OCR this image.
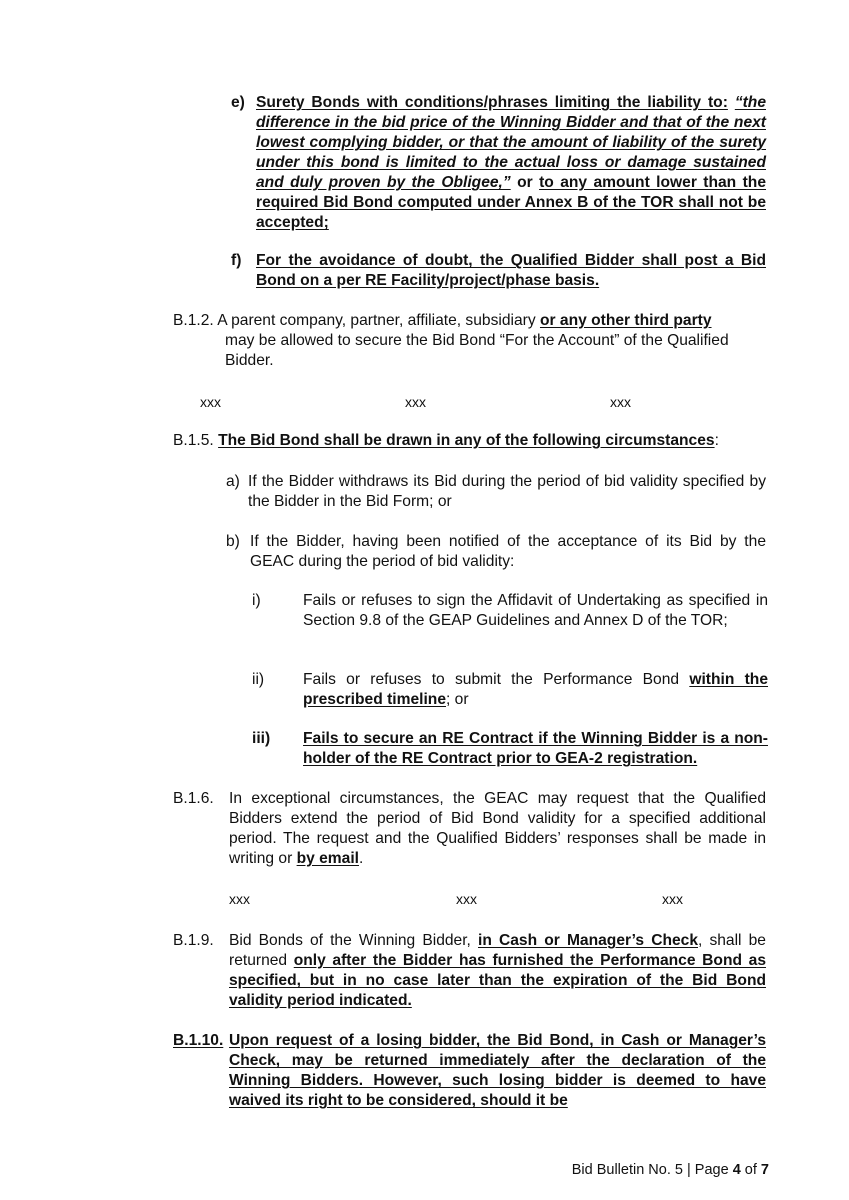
e) Surety Bonds with conditions/phrases limiting the liability to: “the difference in the bid price of the Winning Bidder and that of the next lowest complying bidder, or that the amount of liability of the surety under this bond is limited to the actual loss or damage sustained and duly proven by the Obligee,” or to any amount lower than the required Bid Bond computed under Annex B of the TOR shall not be accepted;
f) For the avoidance of doubt, the Qualified Bidder shall post a Bid Bond on a per RE Facility/project/phase basis.
B.1.2. A parent company, partner, affiliate, subsidiary or any other third party
may be allowed to secure the Bid Bond “For the Account” of the Qualified Bidder.
xxx	xxx	xxx
B.1.5. The Bid Bond shall be drawn in any of the following circumstances:
a) If the Bidder withdraws its Bid during the period of bid validity specified by the Bidder in the Bid Form; or
b) If the Bidder, having been notified of the acceptance of its Bid by the GEAC during the period of bid validity:
i)	Fails or refuses to sign the Affidavit of Undertaking as specified in Section 9.8 of the GEAP Guidelines and Annex D of the TOR;
ii) Fails or refuses to submit the Performance Bond within the prescribed timeline; or
iii) Fails to secure an RE Contract if the Winning Bidder is a non-holder of the RE Contract prior to GEA-2 registration.
B.1.6. In exceptional circumstances, the GEAC may request that the Qualified Bidders extend the period of Bid Bond validity for a specified additional period. The request and the Qualified Bidders’ responses shall be made in writing or by email.
xxx	xxx	xxx
B.1.9. Bid Bonds of the Winning Bidder, in Cash or Manager’s Check, shall be returned only after the Bidder has furnished the Performance Bond as specified, but in no case later than the expiration of the Bid Bond validity period indicated.
B.1.10. Upon request of a losing bidder, the Bid Bond, in Cash or Manager’s Check, may be returned immediately after the declaration of the Winning Bidders. However, such losing bidder is deemed to have waived its right to be considered, should it be
Bid Bulletin No. 5 | Page 4 of 7
